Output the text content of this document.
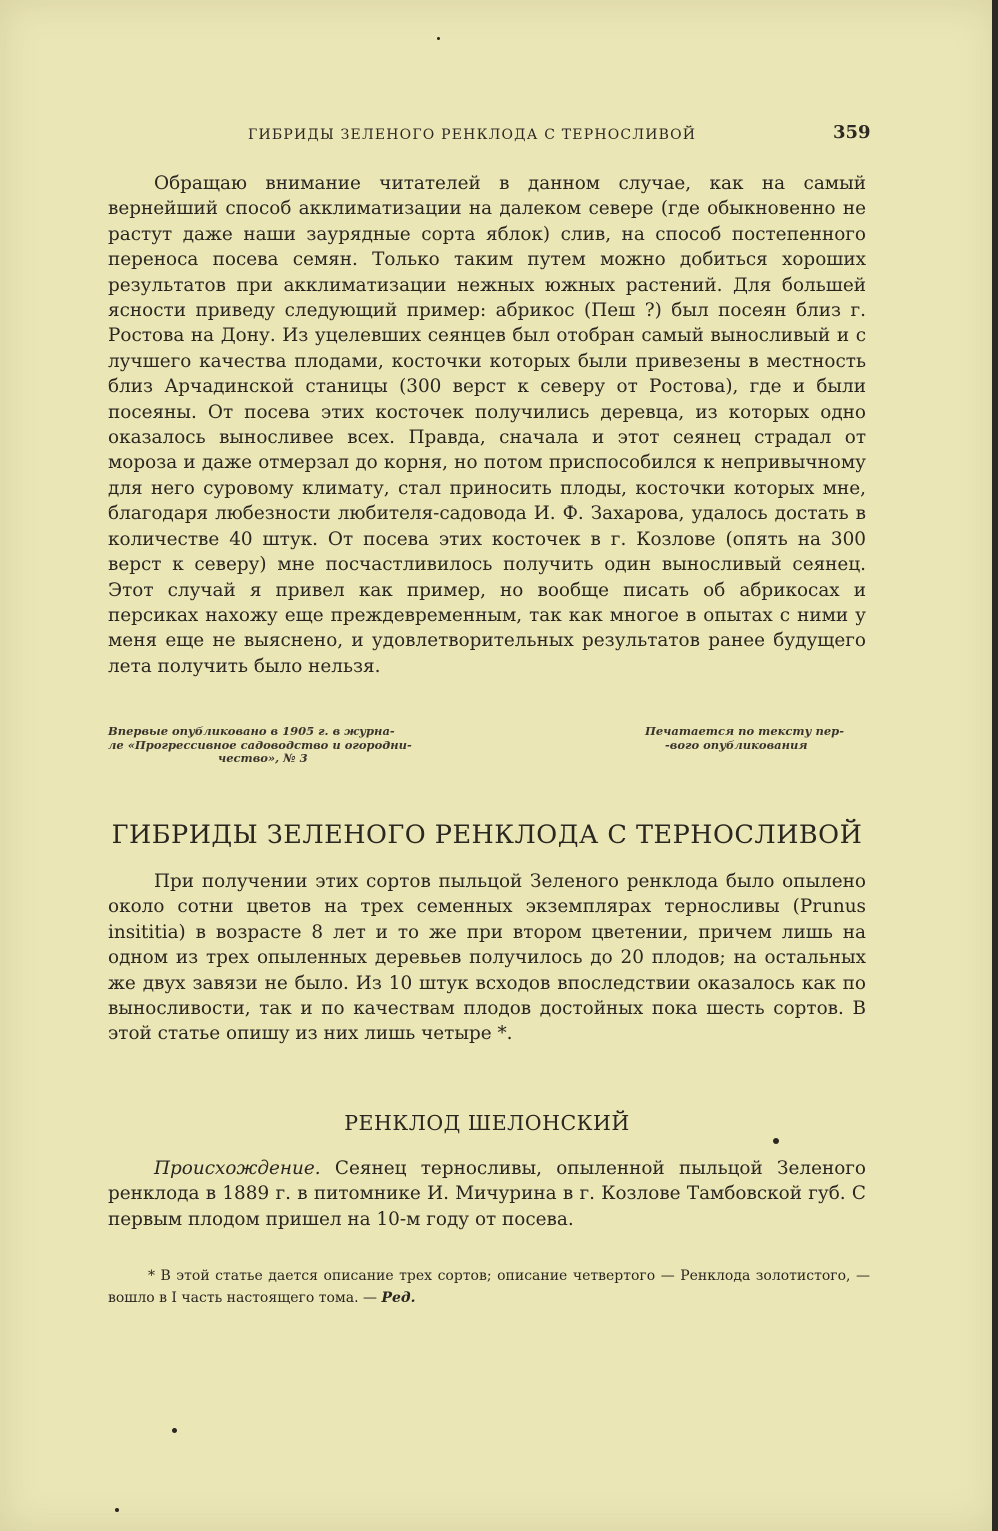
ГИБРИДЫ ЗЕЛЕНОГО РЕНКЛОДА С ТЕРНОСЛИВОЙ	359

Обращаю внимание читателей в данном случае, как на самый вернейший способ акклиматизации на далеком севере (где обыкновенно не растут даже наши заурядные сорта яблок) слив, на способ постепенного переноса посева семян. Только таким путем можно добиться хороших результатов при акклиматизации нежных южных растений. Для большей ясности приведу следующий пример: абрикос (Пеш ?) был посеян близ г. Ростова на Дону. Из уцелевших сеянцев был отобран самый выносливый и с лучшего качества плодами, косточки которых были привезены в местность близ Арчадинской станицы (300 верст к северу от Ростова), где и были посеяны. От посева этих косточек получились деревца, из которых одно оказалось выносливее всех. Правда, сначала и этот сеянец страдал от мороза и даже отмерзал до корня, но потом приспособился к непривычному для него суровому климату, стал приносить плоды, косточки которых мне, благодаря любезности любителя-садовода И. Ф. Захарова, удалось достать в количестве 40 штук. От посева этих косточек в г. Козлове (опять на 300 верст к северу) мне посчастливилось получить один выносливый сеянец. Этот случай я привел как пример, но вообще писать об абрикосах и персиках нахожу еще преждевременным, так как многое в опытах с ними у меня еще не выяснено, и удовлетворительных результатов ранее будущего лета получить было нельзя.

Впервые опубликовано в 1905 г. в журна-
ле «Прогрессивное садоводство и огородни-
чество», № 3
Печатается по тексту пер-
-вого опубликования
ГИБРИДЫ ЗЕЛЕНОГО РЕНКЛОДА С ТЕРНОСЛИВОЙ

При получении этих сортов пыльцой Зеленого ренклода было опылено около сотни цветов на трех семенных экземплярах терносливы (Prunus insititia) в возрасте 8 лет и то же при втором цветении, причем лишь на одном из трех опыленных деревьев получилось до 20 плодов; на остальных же двух завязи не было. Из 10 штук всходов впоследствии оказалось как по выносливости, так и по качествам плодов достойных пока шесть сортов. В этой статье опишу из них лишь четыре *.

РЕНКЛОД ШЕЛОНСКИЙ

Происхождение. Сеянец терносливы, опыленной пыльцой Зеленого ренклода в 1889 г. в питомнике И. Мичурина в г. Козлове Тамбовской губ. С первым плодом пришел на 10-м году от посева.

* В этой статье дается описание трех сортов; описание четвертого — Ренклода золотистого, — вошло в I часть настоящего тома. — Ред.
